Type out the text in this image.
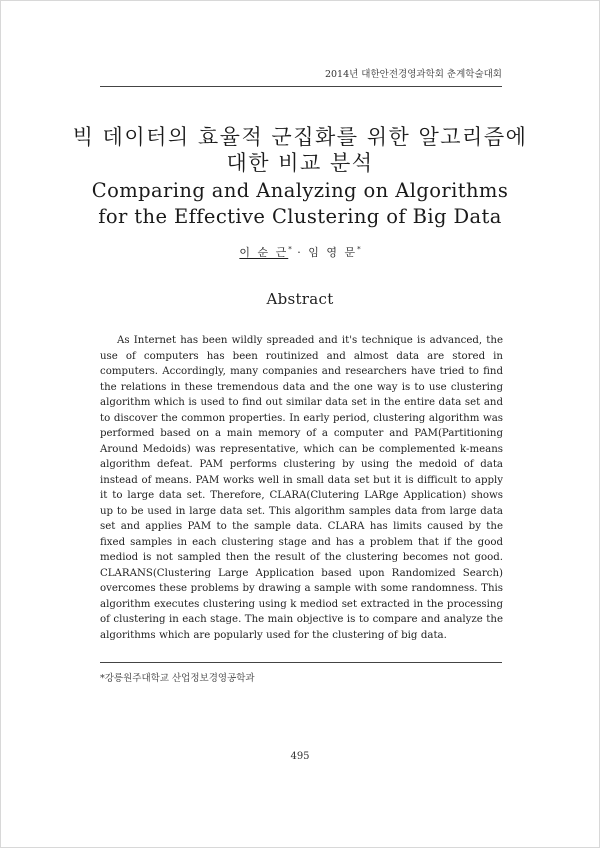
2014년 대한안전경영과학회 춘계학술대회

빅 데이터의 효율적 군집화를 위한 알고리즘에

대한 비교 분석

Comparing and Analyzing on Algorithms

for the Effective Clustering of Big Data

이 순 근* · 임 영 문*
Abstract

As Internet has been wildly spreaded and it's technique is advanced, the use of computers has been routinized and almost data are stored in computers. Accordingly, many companies and researchers have tried to find the relations in these tremendous data and the one way is to use clustering algorithm which is used to find out similar data set in the entire data set and to discover the common properties. In early period, clustering algorithm was performed based on a main memory of a computer and PAM(Partitioning Around Medoids) was representative, which can be complemented k-means algorithm defeat. PAM performs clustering by using the medoid of data instead of means. PAM works well in small data set but it is difficult to apply it to large data set. Therefore, CLARA(Clutering LARge Application) shows up to be used in large data set. This algorithm samples data from large data set and applies PAM to the sample data. CLARA has limits caused by the fixed samples in each clustering stage and has a problem that if the good mediod is not sampled then the result of the clustering becomes not good. CLARANS(Clustering Large Application based upon Randomized Search) overcomes these problems by drawing a sample with some randomness. This algorithm executes clustering using k mediod set extracted in the processing of clustering in each stage. The main objective is to compare and analyze the algorithms which are popularly used for the clustering of big data.

*강릉원주대학교 산업정보경영공학과
495
